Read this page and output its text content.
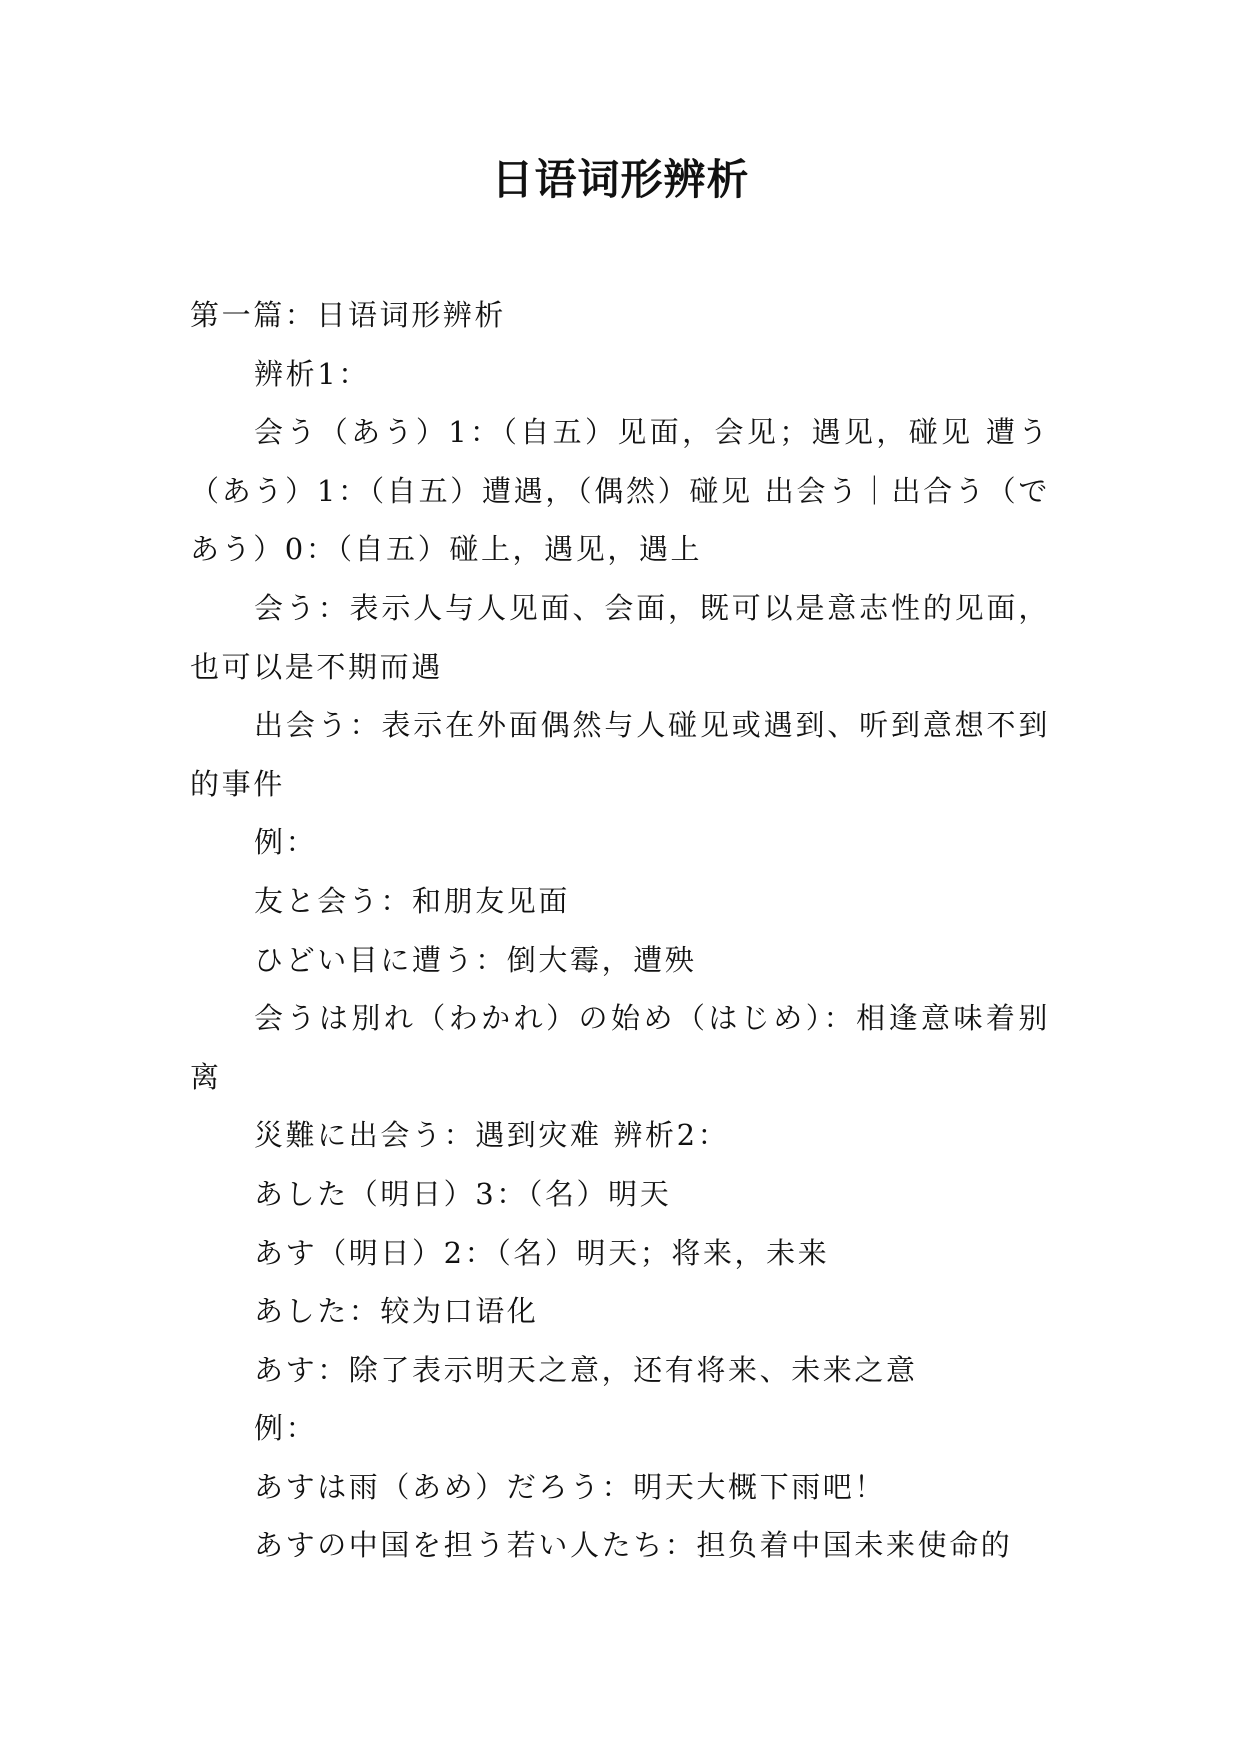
日语词形辨析

第一篇：日语词形辨析

辨析1：

会う（あう）1：（自五）见面，会见；遇见，碰见 遭う（あう）1：（自五）遭遇，（偶然）碰见 出会う｜出合う（であう）0：（自五）碰上，遇见，遇上

会う：表示人与人见面、会面，既可以是意志性的见面，也可以是不期而遇

出会う：表示在外面偶然与人碰见或遇到、听到意想不到的事件

例：

友と会う：和朋友见面

ひどい目に遭う：倒大霉，遭殃

会うは別れ（わかれ）の始め（はじめ）：相逢意味着别离

災難に出会う：遇到灾难 辨析2：

あした（明日）3：（名）明天

あす（明日）2：（名）明天；将来，未来

あした：较为口语化

あす：除了表示明天之意，还有将来、未来之意

例：

あすは雨（あめ）だろう：明天大概下雨吧！

あすの中国を担う若い人たち：担负着中国未来使命的
